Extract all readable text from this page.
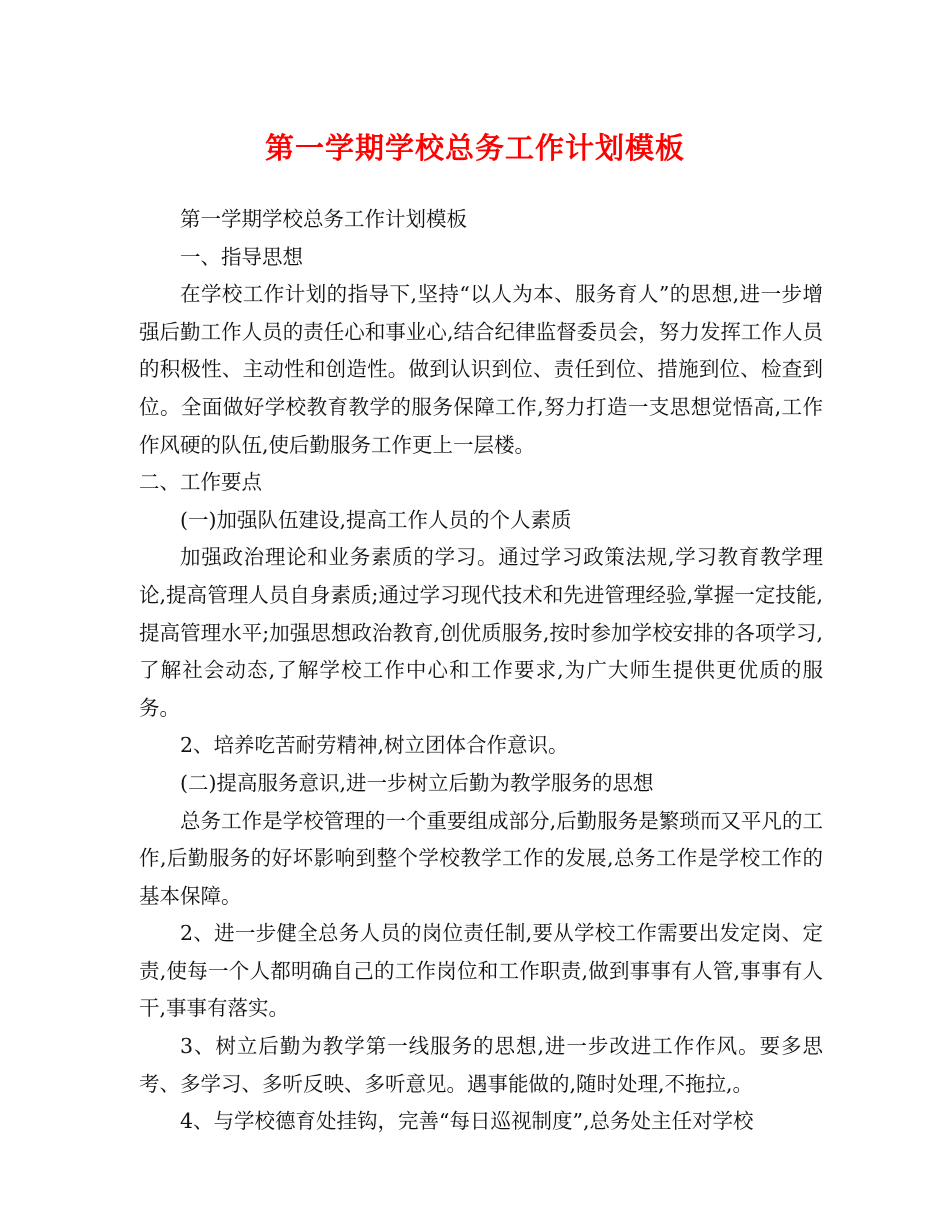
第一学期学校总务工作计划模板

第一学期学校总务工作计划模板

一、指导思想

在学校工作计划的指导下,坚持“以人为本、服务育人”的思想,进一步增强后勤工作人员的责任心和事业心,结合纪律监督委员会，努力发挥工作人员的积极性、主动性和创造性。做到认识到位、责任到位、措施到位、检查到位。全面做好学校教育教学的服务保障工作,努力打造一支思想觉悟高,工作作风硬的队伍,使后勤服务工作更上一层楼。

二、工作要点

(一)加强队伍建设,提高工作人员的个人素质

加强政治理论和业务素质的学习。通过学习政策法规,学习教育教学理论,提高管理人员自身素质;通过学习现代技术和先进管理经验,掌握一定技能,提高管理水平;加强思想政治教育,创优质服务,按时参加学校安排的各项学习,了解社会动态,了解学校工作中心和工作要求,为广大师生提供更优质的服务。

2、培养吃苦耐劳精神,树立团体合作意识。

(二)提高服务意识,进一步树立后勤为教学服务的思想

总务工作是学校管理的一个重要组成部分,后勤服务是繁琐而又平凡的工作,后勤服务的好坏影响到整个学校教学工作的发展,总务工作是学校工作的基本保障。

2、进一步健全总务人员的岗位责任制,要从学校工作需要出发定岗、定责,使每一个人都明确自己的工作岗位和工作职责,做到事事有人管,事事有人干,事事有落实。

3、树立后勤为教学第一线服务的思想,进一步改进工作作风。要多思考、多学习、多听反映、多听意见。遇事能做的,随时处理,不拖拉,。

4、与学校德育处挂钩，完善“每日巡视制度”,总务处主任对学校
